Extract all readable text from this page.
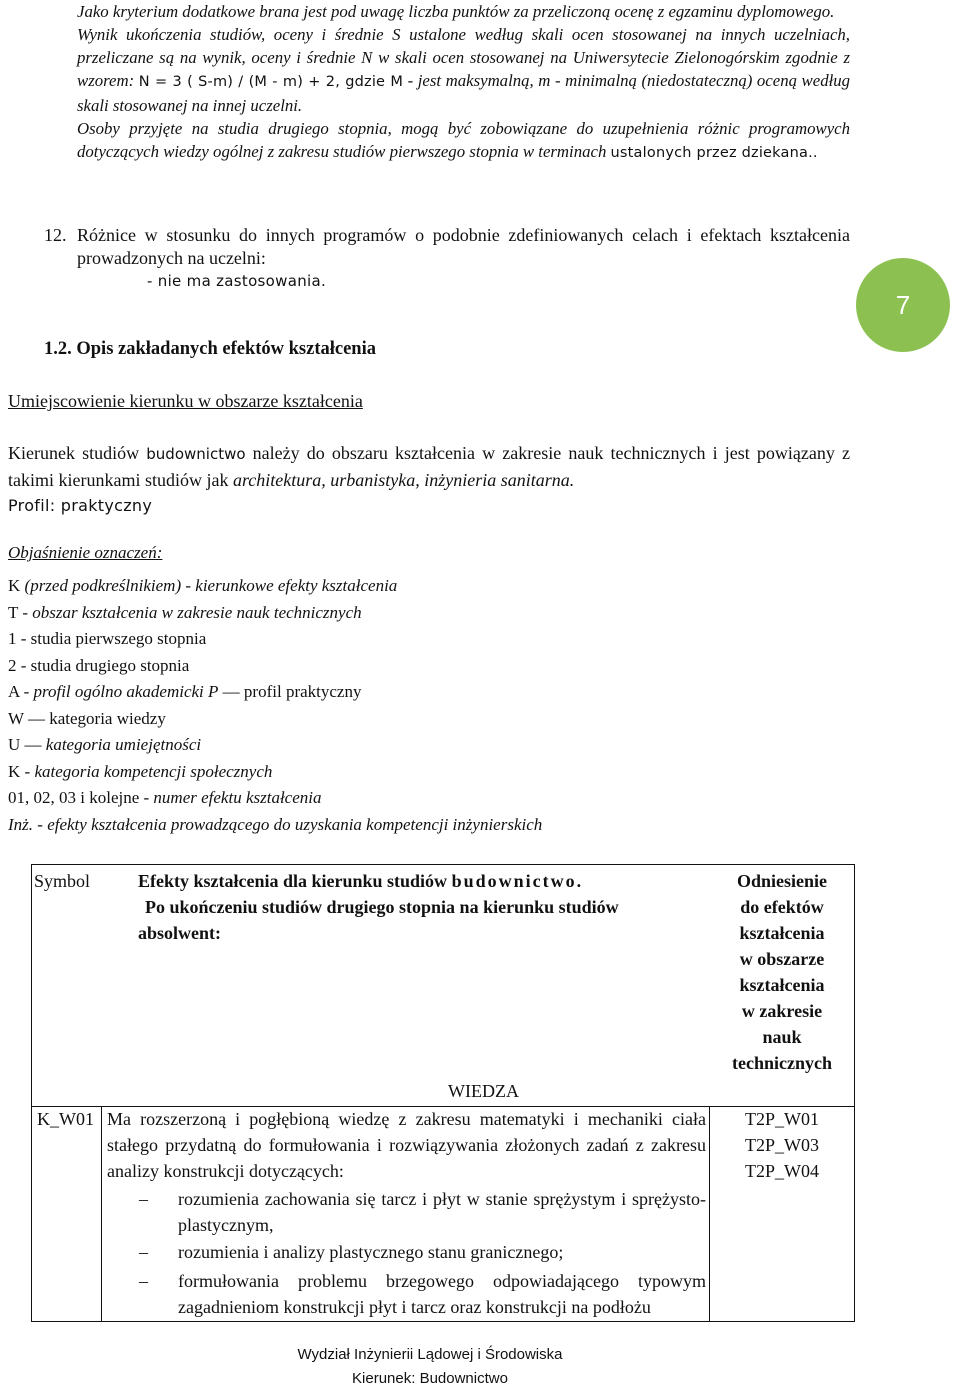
Jako kryterium dodatkowe brana jest pod uwagę liczba punktów za przeliczoną ocenę z egzaminu dyplomowego.

Wynik ukończenia studiów, oceny i średnie S ustalone według skali ocen stosowanej na innych uczelniach, przeliczane są na wynik, oceny i średnie N w skali ocen stosowanej na Uniwersytecie Zielonogórskim zgodnie z wzorem: N = 3 ( S-m) / (M - m) + 2, gdzie M - jest maksymalną, m - minimalną (niedostateczną) oceną według skali stosowanej na innej uczelni.

Osoby przyjęte na studia drugiego stopnia, mogą być zobowiązane do uzupełnienia różnic programowych dotyczących wiedzy ogólnej z zakresu studiów pierwszego stopnia w terminach ustalonych przez dziekana..

12. Różnice w stosunku do innych programów o podobnie zdefiniowanych celach i efektach kształcenia prowadzonych na uczelni:
- nie ma zastosowania.
7
1.2. Opis zakładanych efektów kształcenia
Umiejscowienie kierunku w obszarze kształcenia
Kierunek studiów budownictwo należy do obszaru kształcenia w zakresie nauk technicznych i jest powiązany z takimi kierunkami studiów jak architektura, urbanistyka, inżynieria sanitarna.
Profil: praktyczny
Objaśnienie oznaczeń:
K (przed podkreślnikiem) - kierunkowe efekty kształcenia
T - obszar kształcenia w zakresie nauk technicznych
1 - studia pierwszego stopnia
2 - studia drugiego stopnia
A - profil ogólno akademicki P — profil praktyczny
W — kategoria wiedzy
U — kategoria umiejętności
K - kategoria kompetencji społecznych
01, 02, 03 i kolejne - numer efektu kształcenia
Inż. - efekty kształcenia prowadzącego do uzyskania kompetencji inżynierskich
Symbol	Efekty kształcenia dla kierunku studiów budownictwo.
Po ukończeniu studiów drugiego stopnia na kierunku studiów
absolwent:
Odniesienie
do efektów
kształcenia
w obszarze
kształcenia
w zakresie
nauk
technicznych
WIEDZA
K_W01 Ma rozszerzoną i pogłębioną wiedzę z zakresu matematyki i mechaniki ciała stałego przydatną do formułowania i rozwiązywania złożonych zadań z zakresu analizy konstrukcji dotyczących:
– rozumienia zachowania się tarcz i płyt w stanie sprężystym i sprężysto-plastycznym,
– rozumienia i analizy plastycznego stanu granicznego;
– formułowania problemu brzegowego odpowiadającego typowym zagadnieniom konstrukcji płyt i tarcz oraz konstrukcji na podłożu
T2P_W01
T2P_W03
T2P_W04
Wydział Inżynierii Lądowej i Środowiska
Kierunek: Budownictwo
